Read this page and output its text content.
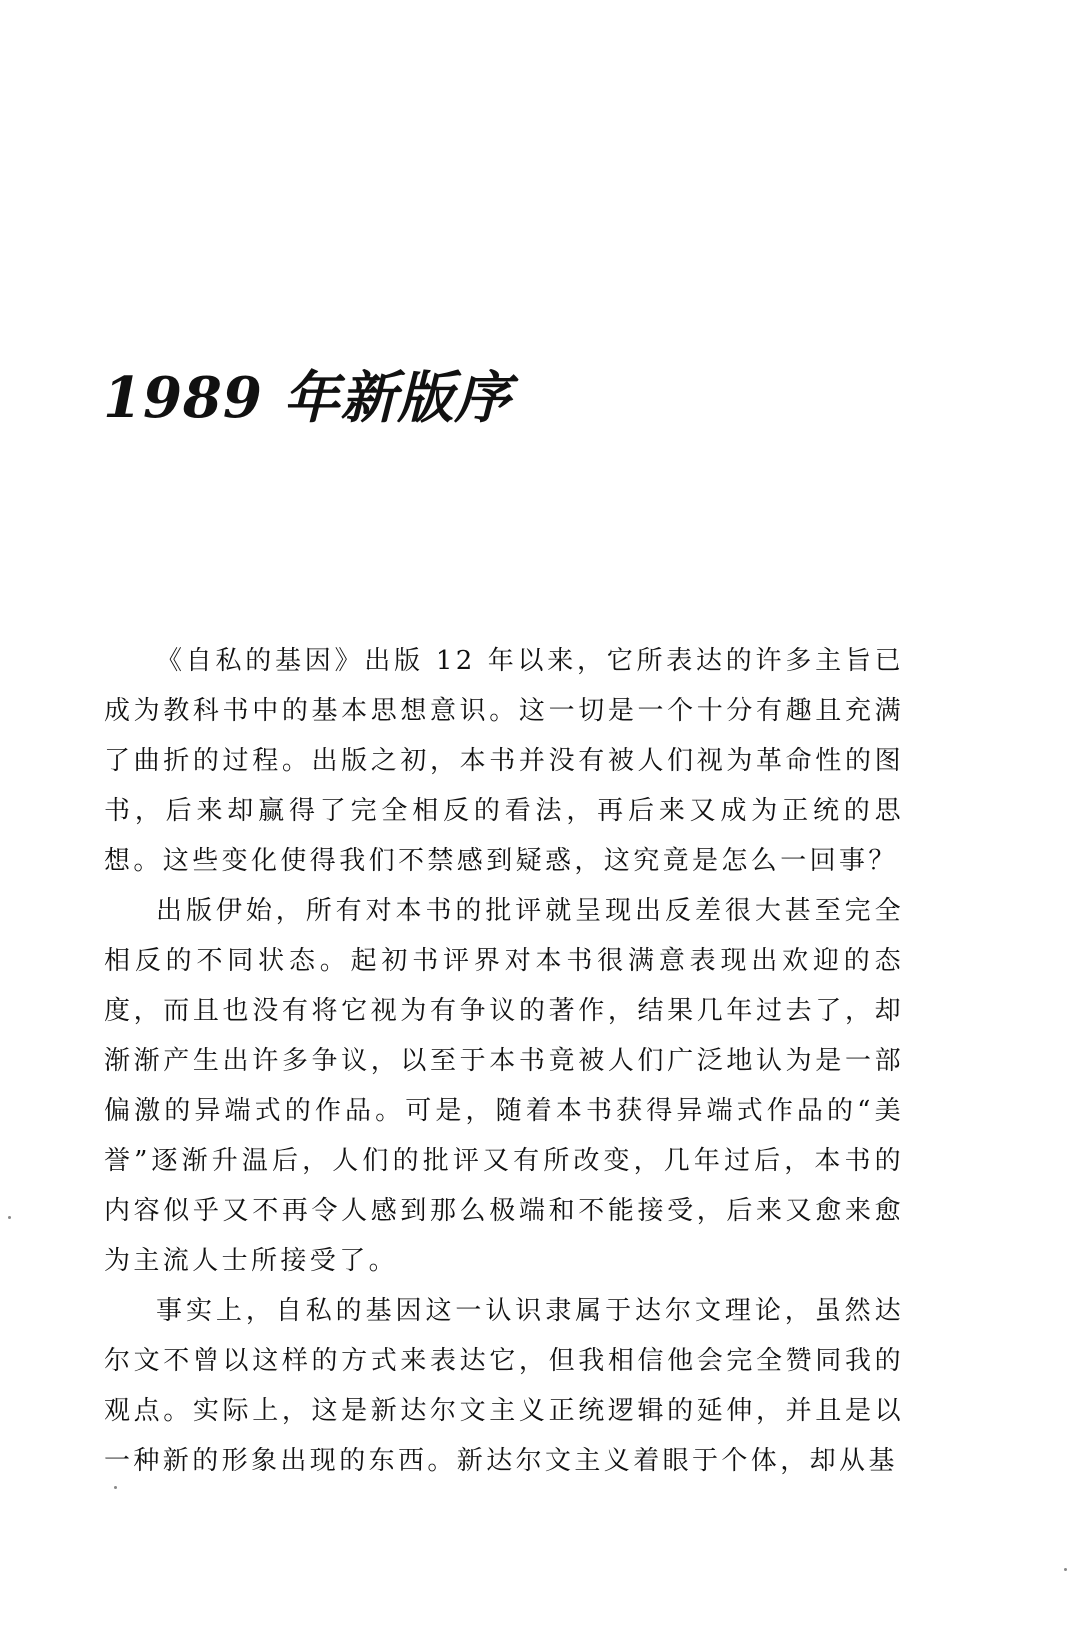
1989 年新版序

《自私的基因》出版 12 年以来，它所表达的许多主旨已成为教科书中的基本思想意识。这一切是一个十分有趣且充满了曲折的过程。出版之初，本书并没有被人们视为革命性的图书，后来却赢得了完全相反的看法，再后来又成为正统的思想。这些变化使得我们不禁感到疑惑，这究竟是怎么一回事？

出版伊始，所有对本书的批评就呈现出反差很大甚至完全相反的不同状态。起初书评界对本书很满意表现出欢迎的态度，而且也没有将它视为有争议的著作，结果几年过去了，却渐渐产生出许多争议，以至于本书竟被人们广泛地认为是一部偏激的异端式的作品。可是，随着本书获得异端式作品的“美誉”逐渐升温后，人们的批评又有所改变，几年过后，本书的内容似乎又不再令人感到那么极端和不能接受，后来又愈来愈为主流人士所接受了。

事实上，自私的基因这一认识隶属于达尔文理论，虽然达尔文不曾以这样的方式来表达它，但我相信他会完全赞同我的观点。实际上，这是新达尔文主义正统逻辑的延伸，并且是以一种新的形象出现的东西。新达尔文主义着眼于个体，却从基
